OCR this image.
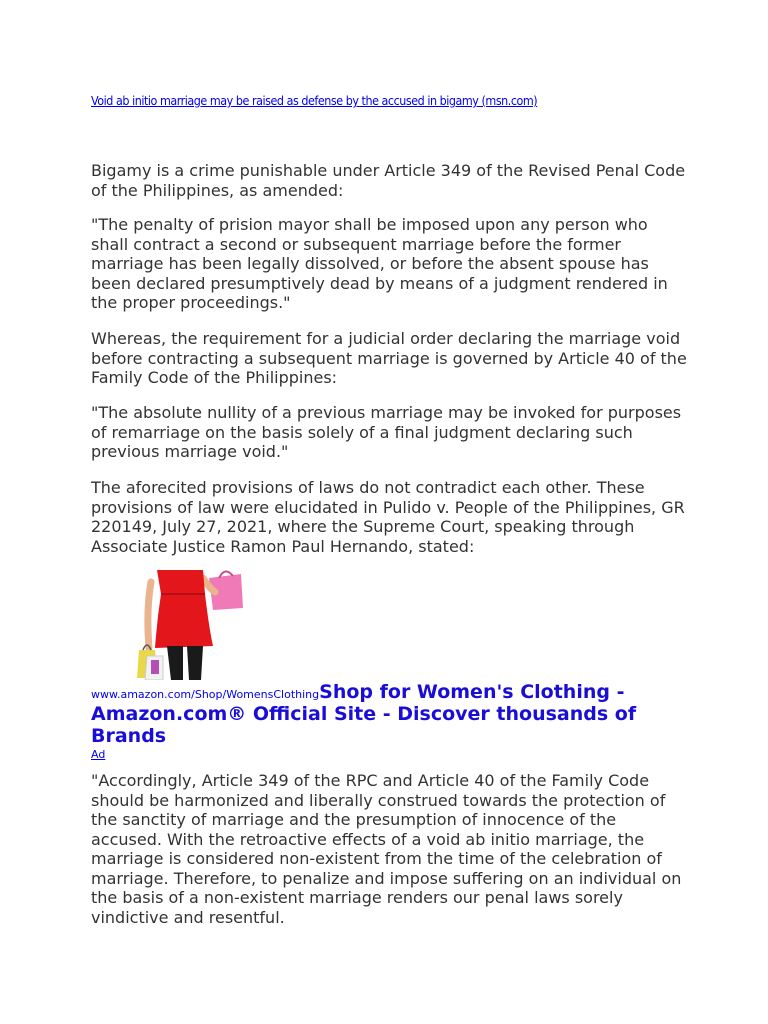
Void ab initio marriage may be raised as defense by the accused in bigamy (msn.com)

Bigamy is a crime punishable under Article 349 of the Revised Penal Code of the Philippines, as amended:

"The penalty of prision mayor shall be imposed upon any person who shall contract a second or subsequent marriage before the former marriage has been legally dissolved, or before the absent spouse has been declared presumptively dead by means of a judgment rendered in the proper proceedings."

Whereas, the requirement for a judicial order declaring the marriage void before contracting a subsequent marriage is governed by Article 40 of the Family Code of the Philippines:

"The absolute nullity of a previous marriage may be invoked for purposes of remarriage on the basis solely of a final judgment declaring such previous marriage void."

The aforecited provisions of laws do not contradict each other. These provisions of law were elucidated in Pulido v. People of the Philippines, GR 220149, July 27, 2021, where the Supreme Court, speaking through Associate Justice Ramon Paul Hernando, stated:

www.amazon.com/Shop/WomensClothingShop for Women's Clothing - Amazon.com® Official Site - Discover thousands of Brands
Ad

"Accordingly, Article 349 of the RPC and Article 40 of the Family Code should be harmonized and liberally construed towards the protection of the sanctity of marriage and the presumption of innocence of the accused. With the retroactive effects of a void ab initio marriage, the marriage is considered non-existent from the time of the celebration of marriage. Therefore, to penalize and impose suffering on an individual on the basis of a non-existent marriage renders our penal laws sorely vindictive and resentful.
